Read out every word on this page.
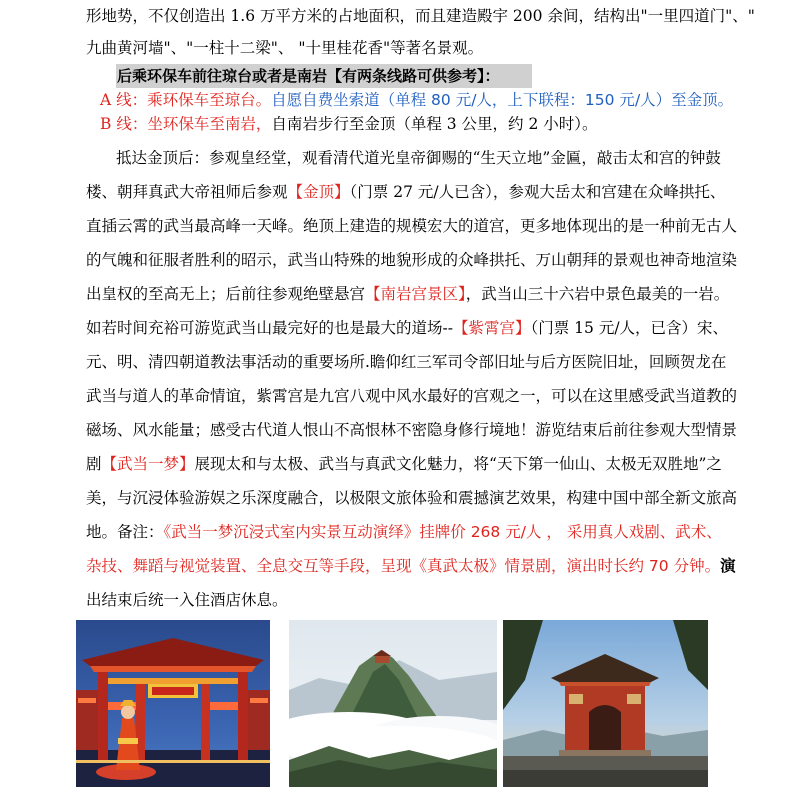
形地势，不仅创造出 1.6 万平方米的占地面积，而且建造殿宇 200 余间，结构出"一里四道门"、"
九曲黄河墙"、"一柱十二梁"、 "十里桂花香"等著名景观。
后乘环保车前往琼台或者是南岩【有两条线路可供参考】：
A 线：乘环保车至琼台。自愿自费坐索道（单程 80 元/人，上下联程：150 元/人）至金顶。
B 线：坐环保车至南岩，自南岩步行至金顶（单程 3 公里，约 2 小时）。
抵达金顶后：参观皇经堂，观看清代道光皇帝御赐的“生天立地”金匾，敲击太和宫的钟鼓
楼、朝拜真武大帝祖师后参观【金顶】（门票 27 元/人已含），参观大岳太和宫建在众峰拱托、
直插云霄的武当最高峰一天峰。绝顶上建造的规模宏大的道宫，更多地体现出的是一种前无古人
的气魄和征服者胜利的昭示，武当山特殊的地貌形成的众峰拱托、万山朝拜的景观也神奇地渲染
出皇权的至高无上；后前往参观绝壁悬宫【南岩宫景区】，武当山三十六岩中景色最美的一岩。
如若时间充裕可游览武当山最完好的也是最大的道场--【紫霄宫】（门票 15 元/人，已含）宋、
元、明、清四朝道教法事活动的重要场所.瞻仰红三军司令部旧址与后方医院旧址，回顾贺龙在
武当与道人的革命情谊，紫霄宫是九宫八观中风水最好的宫观之一，可以在这里感受武当道教的
磁场、风水能量；感受古代道人恨山不高恨林不密隐身修行境地！游览结束后前往参观大型情景
剧【武当一梦】展现太和与太极、武当与真武文化魅力，将“天下第一仙山、太极无双胜地”之
美，与沉浸体验游娱之乐深度融合，以极限文旅体验和震撼演艺效果，构建中国中部全新文旅高
地。备注：《武当一梦沉浸式室内实景互动演绎》挂牌价 268 元/人 ， 采用真人戏剧、武术、
杂技、舞蹈与视觉装置、全息交互等手段，呈现《真武太极》情景剧，演出时长约 70 分钟。演
出结束后统一入住酒店休息。
